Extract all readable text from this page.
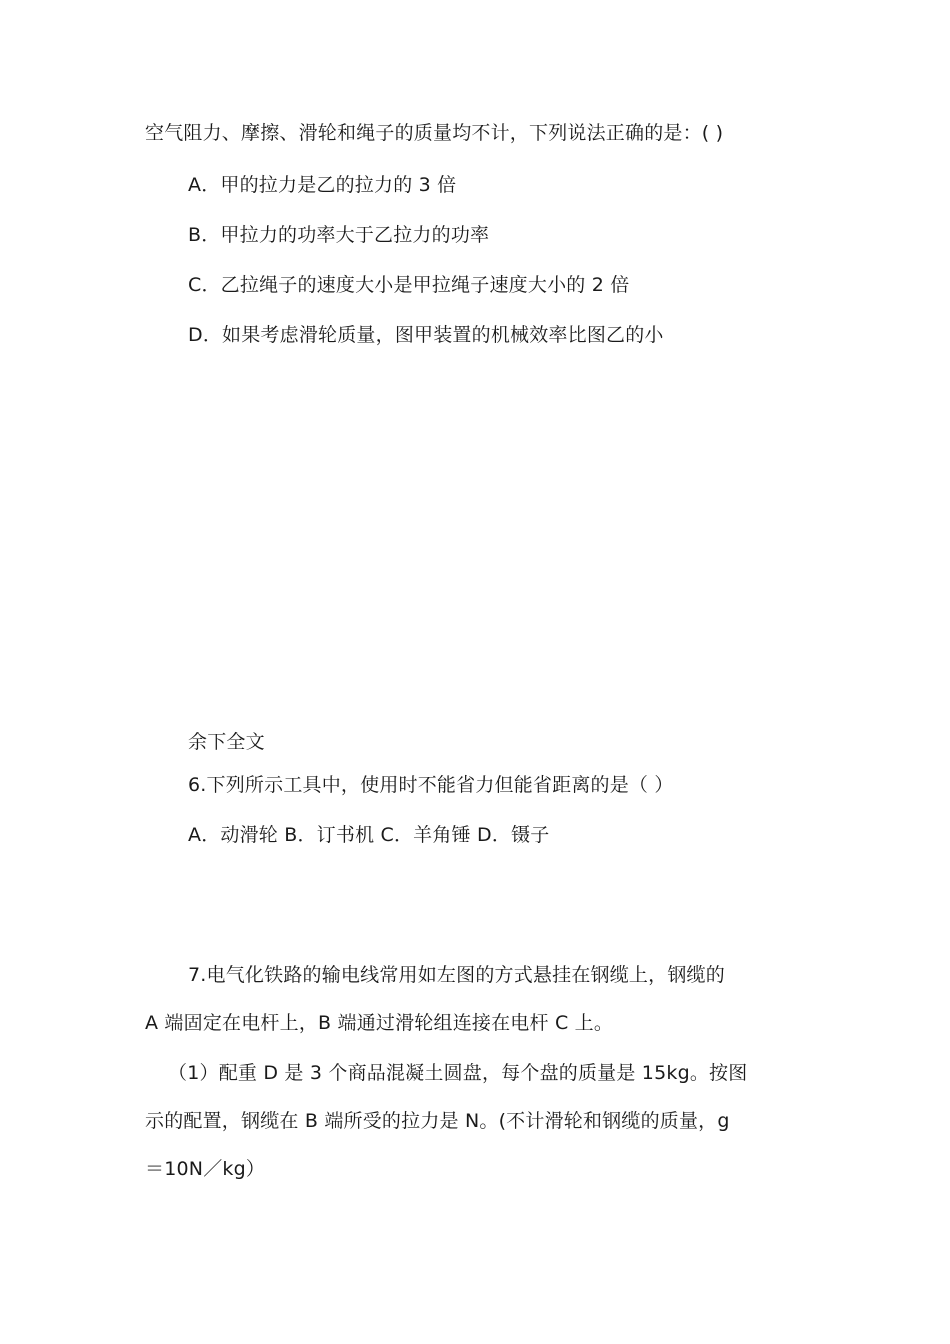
空气阻力、摩擦、滑轮和绳子的质量均不计，下列说法正确的是：( )
A．甲的拉力是乙的拉力的 3 倍
B．甲拉力的功率大于乙拉力的功率
C．乙拉绳子的速度大小是甲拉绳子速度大小的 2 倍
D．如果考虑滑轮质量，图甲装置的机械效率比图乙的小
余下全文
6.下列所示工具中，使用时不能省力但能省距离的是（ ）
A．动滑轮 B．订书机 C．羊角锤 D．镊子
7.电气化铁路的输电线常用如左图的方式悬挂在钢缆上，钢缆的
A 端固定在电杆上，B 端通过滑轮组连接在电杆 C 上。
（1）配重 D 是 3 个商品混凝土圆盘，每个盘的质量是 15kg。按图
示的配置，钢缆在 B 端所受的拉力是 N。(不计滑轮和钢缆的质量，g
＝10N／kg）
